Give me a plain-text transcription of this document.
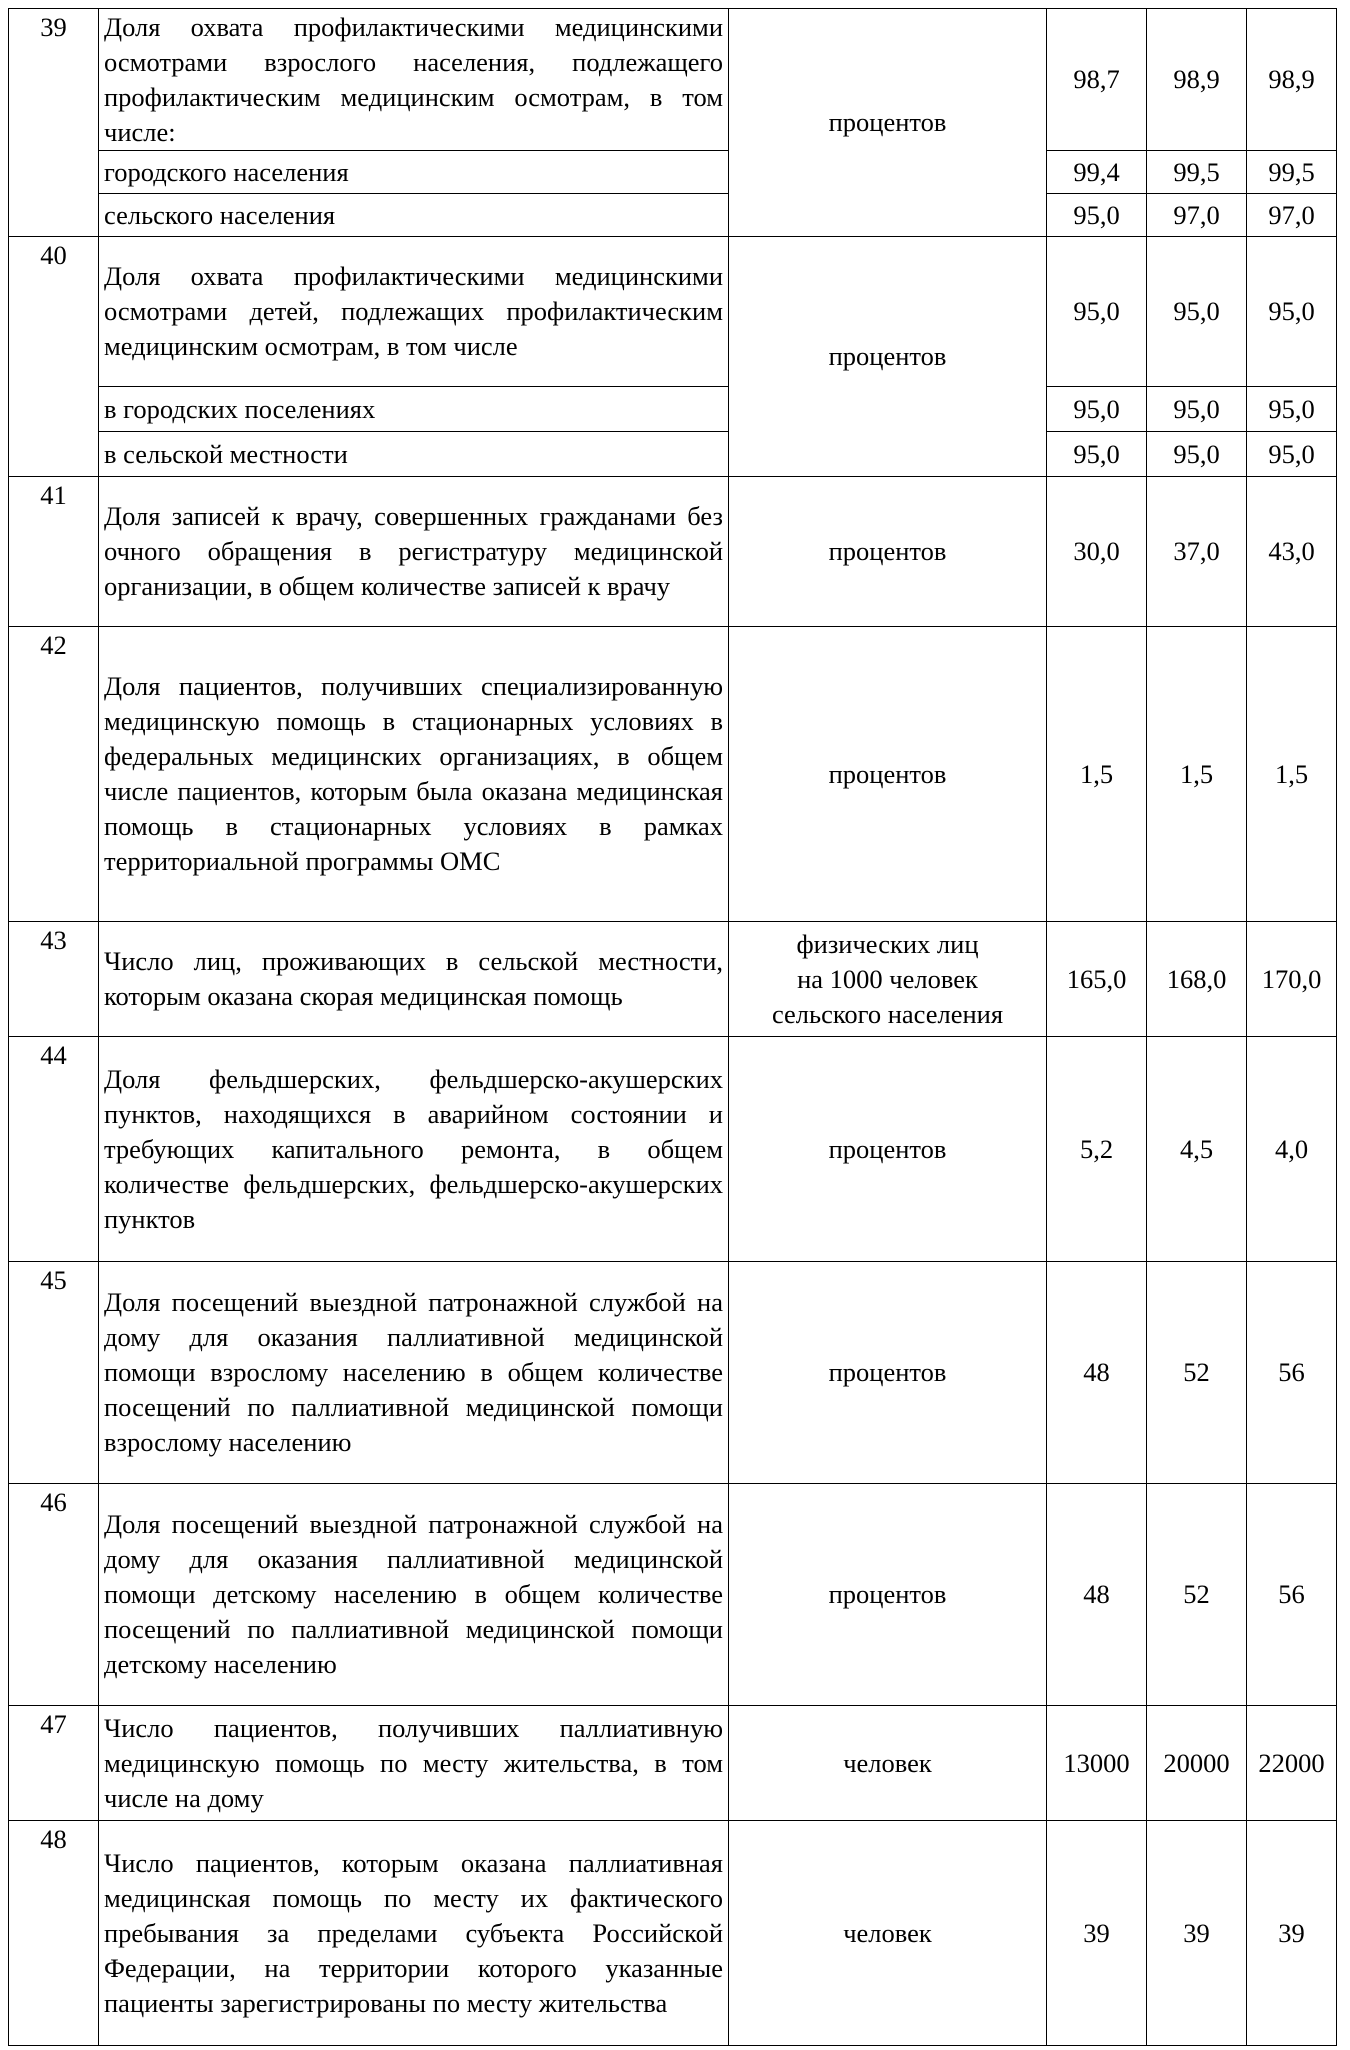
39	Доля охвата профилактическими медицинскими осмотрами взрослого населения, подлежащего профилактическим медицинским осмотрам, в том числе:	процентов	98,7	98,9	98,9
	городского населения		99,4	99,5	99,5
	сельского населения		95,0	97,0	97,0
40	Доля охвата профилактическими медицинскими осмотрами детей, подлежащих профилактическим медицинским осмотрам, в том числе	процентов	95,0	95,0	95,0
	в городских поселениях		95,0	95,0	95,0
	в сельской местности		95,0	95,0	95,0
41	Доля записей к врачу, совершенных гражданами без очного обращения в регистратуру медицинской организации, в общем количестве записей к врачу	процентов	30,0	37,0	43,0
42	Доля пациентов, получивших специализированную медицинскую помощь в стационарных условиях в федеральных медицинских организациях, в общем числе пациентов, которым была оказана медицинская помощь в стационарных условиях в рамках территориальной программы ОМС	процентов	1,5	1,5	1,5
43	Число лиц, проживающих в сельской местности, которым оказана скорая медицинская помощь	физических лиц
на 1000 человек
сельского населения	165,0	168,0	170,0
44	Доля фельдшерских, фельдшерско-акушерских пунктов, находящихся в аварийном состоянии и требующих капитального ремонта, в общем количестве фельдшерских, фельдшерско-акушерских пунктов	процентов	5,2	4,5	4,0
45	Доля посещений выездной патронажной службой на дому для оказания паллиативной медицинской помощи взрослому населению в общем количестве посещений по паллиативной медицинской помощи взрослому населению	процентов	48	52	56
46	Доля посещений выездной патронажной службой на дому для оказания паллиативной медицинской помощи детскому населению в общем количестве посещений по паллиативной медицинской помощи детскому населению	процентов	48	52	56
47	Число пациентов, получивших паллиативную медицинскую помощь по месту жительства, в том числе на дому	человек	13000	20000	22000
48	Число пациентов, которым оказана паллиативная медицинская помощь по месту их фактического пребывания за пределами субъекта Российской Федерации, на территории которого указанные пациенты зарегистрированы по месту жительства	человек	39	39	39
